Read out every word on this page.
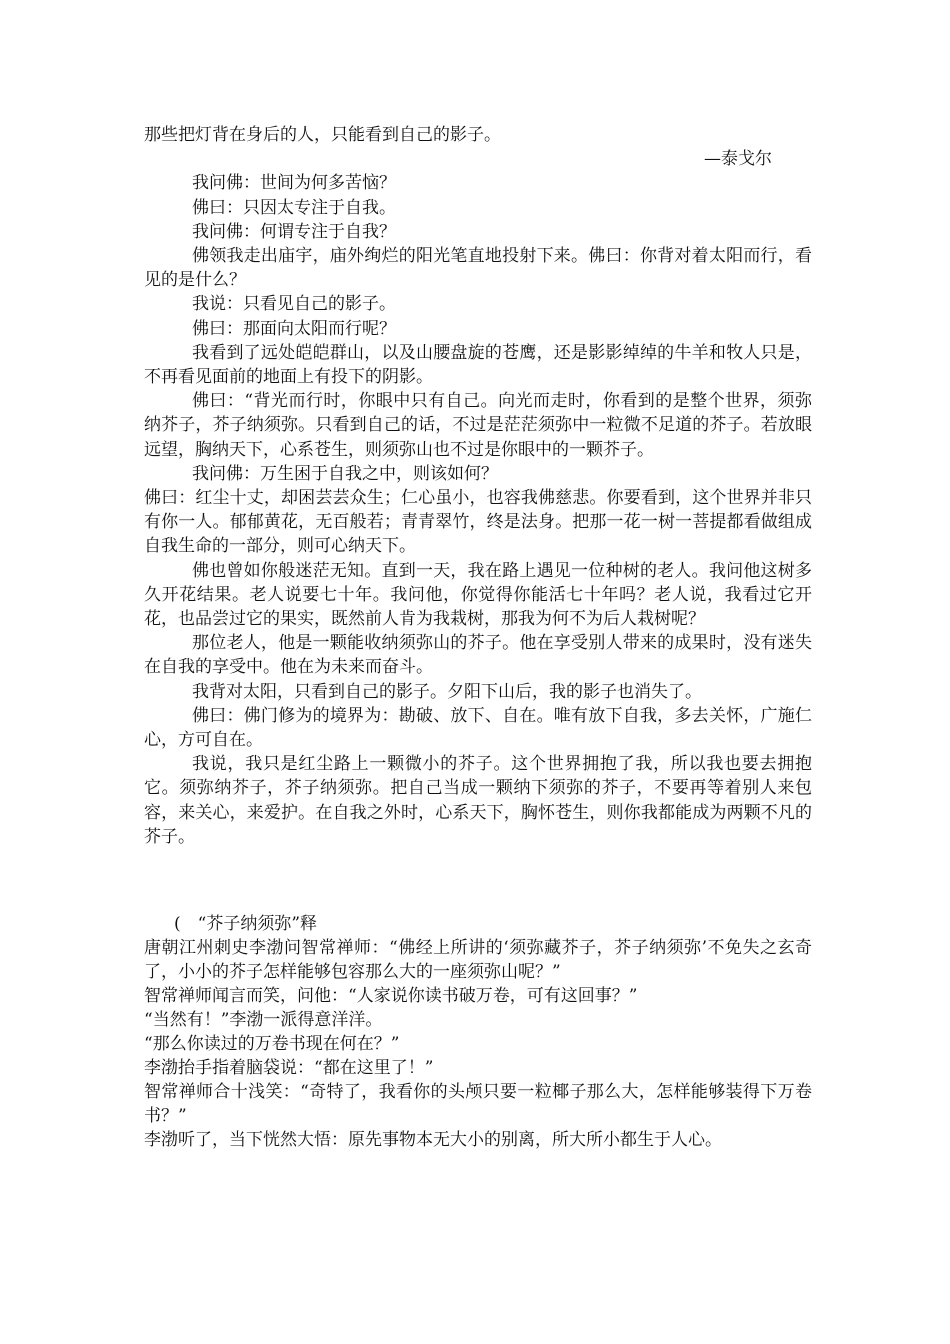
那些把灯背在身后的人，只能看到自己的影子。

—泰戈尔

我问佛：世间为何多苦恼？

佛曰：只因太专注于自我。

我问佛：何谓专注于自我？

佛领我走出庙宇，庙外绚烂的阳光笔直地投射下来。佛曰：你背对着太阳而行，看见的是什么？

我说：只看见自己的影子。

佛曰：那面向太阳而行呢？

我看到了远处皑皑群山，以及山腰盘旋的苍鹰，还是影影绰绰的牛羊和牧人只是，不再看见面前的地面上有投下的阴影。

佛曰：“背光而行时，你眼中只有自己。向光而走时，你看到的是整个世界，须弥纳芥子，芥子纳须弥。只看到自己的话，不过是茫茫须弥中一粒微不足道的芥子。若放眼远望，胸纳天下，心系苍生，则须弥山也不过是你眼中的一颗芥子。

我问佛：万生困于自我之中，则该如何？

佛曰：红尘十丈，却困芸芸众生；仁心虽小，也容我佛慈悲。你要看到，这个世界并非只有你一人。郁郁黄花，无百般若；青青翠竹，终是法身。把那一花一树一菩提都看做组成自我生命的一部分，则可心纳天下。

佛也曾如你般迷茫无知。直到一天，我在路上遇见一位种树的老人。我问他这树多久开花结果。老人说要七十年。我问他，你觉得你能活七十年吗？老人说，我看过它开花，也品尝过它的果实，既然前人肯为我栽树，那我为何不为后人栽树呢？

那位老人，他是一颗能收纳须弥山的芥子。他在享受别人带来的成果时，没有迷失在自我的享受中。他在为未来而奋斗。

我背对太阳，只看到自己的影子。夕阳下山后，我的影子也消失了。

佛曰：佛门修为的境界为：勘破、放下、自在。唯有放下自我，多去关怀，广施仁心，方可自在。

我说，我只是红尘路上一颗微小的芥子。这个世界拥抱了我，所以我也要去拥抱它。须弥纳芥子，芥子纳须弥。把自己当成一颗纳下须弥的芥子，不要再等着别人来包容，来关心，来爱护。在自我之外时，心系天下，胸怀苍生，则你我都能成为两颗不凡的芥子。

(　“芥子纳须弥”释

唐朝江州刺史李渤问智常禅师：“佛经上所讲的‘须弥藏芥子，芥子纳须弥’不免失之玄奇了，小小的芥子怎样能够包容那么大的一座须弥山呢？”

智常禅师闻言而笑，问他：“人家说你读书破万卷，可有这回事？”

“当然有！”李渤一派得意洋洋。

“那么你读过的万卷书现在何在？”

李渤抬手指着脑袋说：“都在这里了！”

智常禅师合十浅笑：“奇特了，我看你的头颅只要一粒椰子那么大，怎样能够装得下万卷书？”

李渤听了，当下恍然大悟：原先事物本无大小的别离，所大所小都生于人心。
